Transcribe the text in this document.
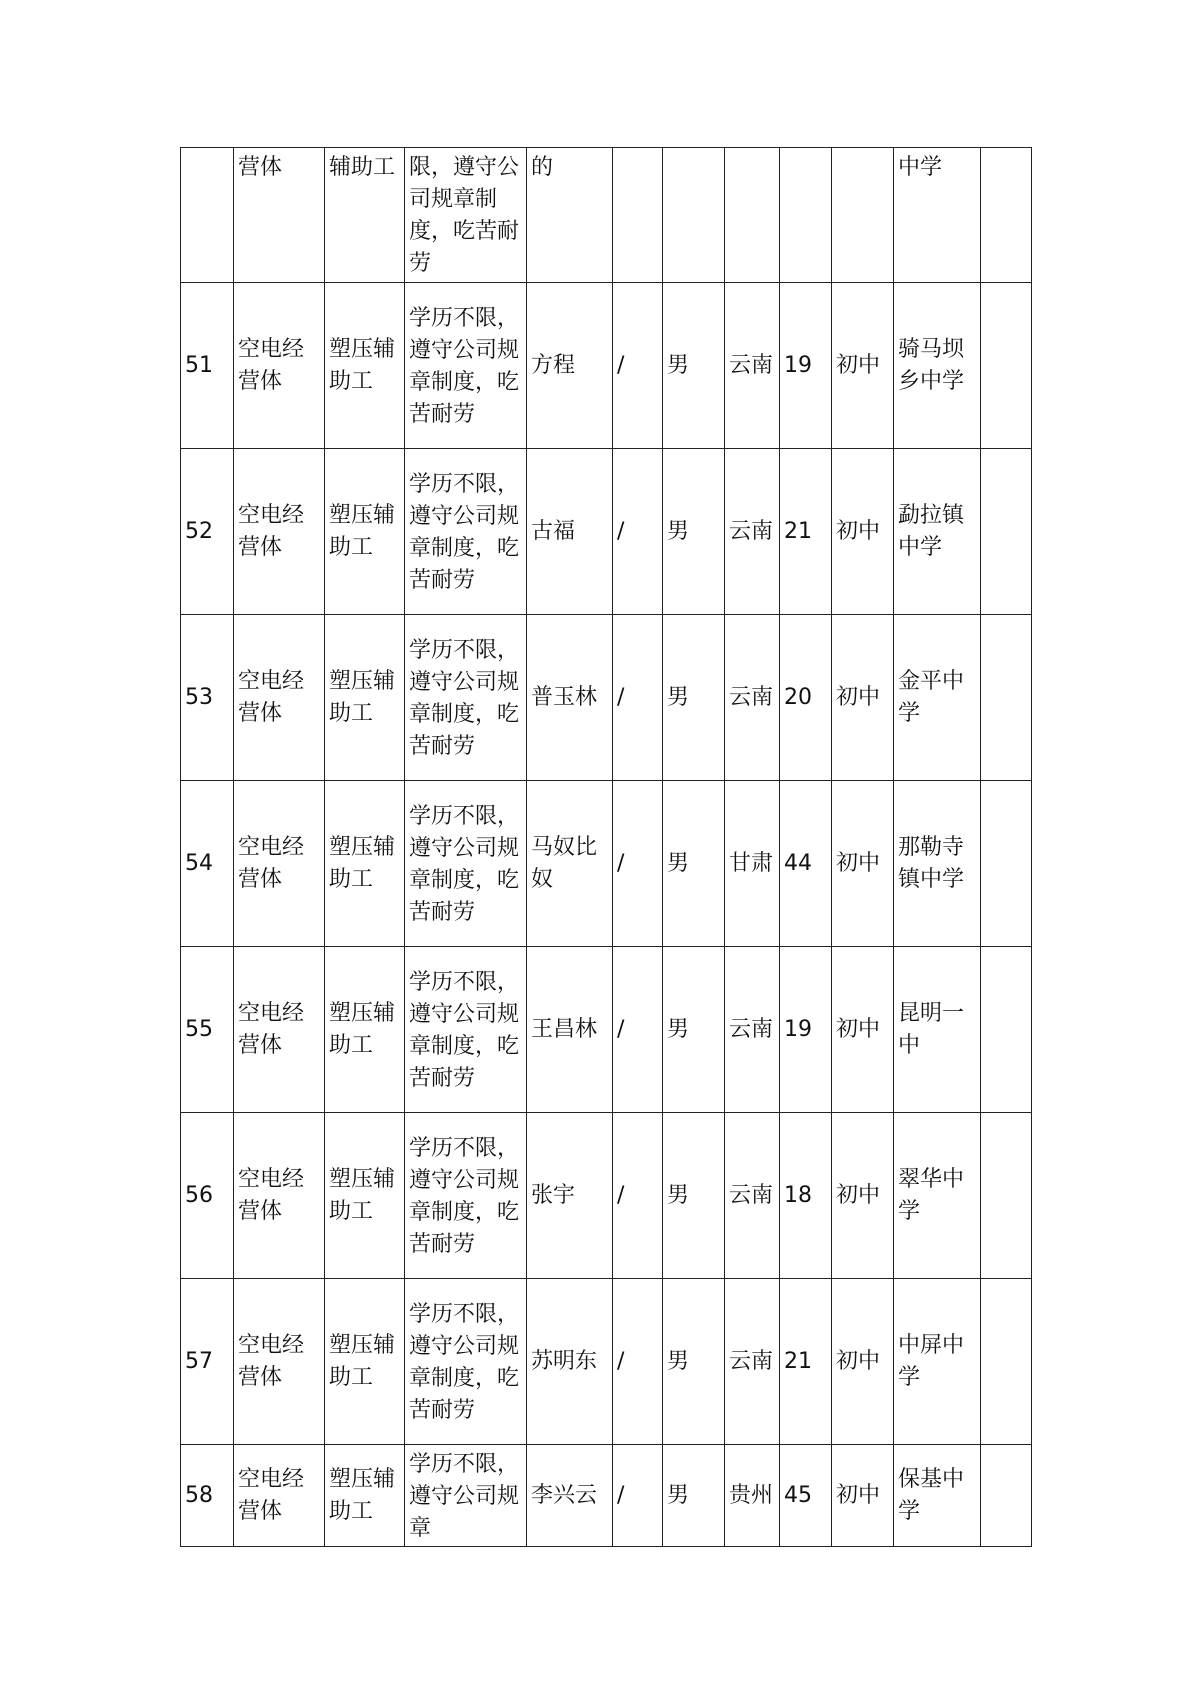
	营体	辅助工	限，遵守公司规章制度，吃苦耐劳	的						中学	

51	空电经营体	塑压辅助工	学历不限，遵守公司规章制度，吃苦耐劳	方程	/	男	云南	19	初中	骑马坝乡中学	

52	空电经营体	塑压辅助工	学历不限，遵守公司规章制度，吃苦耐劳	古福	/	男	云南	21	初中	勐拉镇中学	

53	空电经营体	塑压辅助工	学历不限，遵守公司规章制度，吃苦耐劳	普玉林	/	男	云南	20	初中	金平中学	

54	空电经营体	塑压辅助工	学历不限，遵守公司规章制度，吃苦耐劳	马奴比奴	/	男	甘肃	44	初中	那勒寺镇中学	

55	空电经营体	塑压辅助工	学历不限，遵守公司规章制度，吃苦耐劳	王昌林	/	男	云南	19	初中	昆明一中	

56	空电经营体	塑压辅助工	学历不限，遵守公司规章制度，吃苦耐劳	张宇	/	男	云南	18	初中	翠华中学	

57	空电经营体	塑压辅助工	学历不限，遵守公司规章制度，吃苦耐劳	苏明东	/	男	云南	21	初中	中屏中学	

58	空电经营体	塑压辅助工	学历不限，遵守公司规章	李兴云	/	男	贵州	45	初中	保基中学	
